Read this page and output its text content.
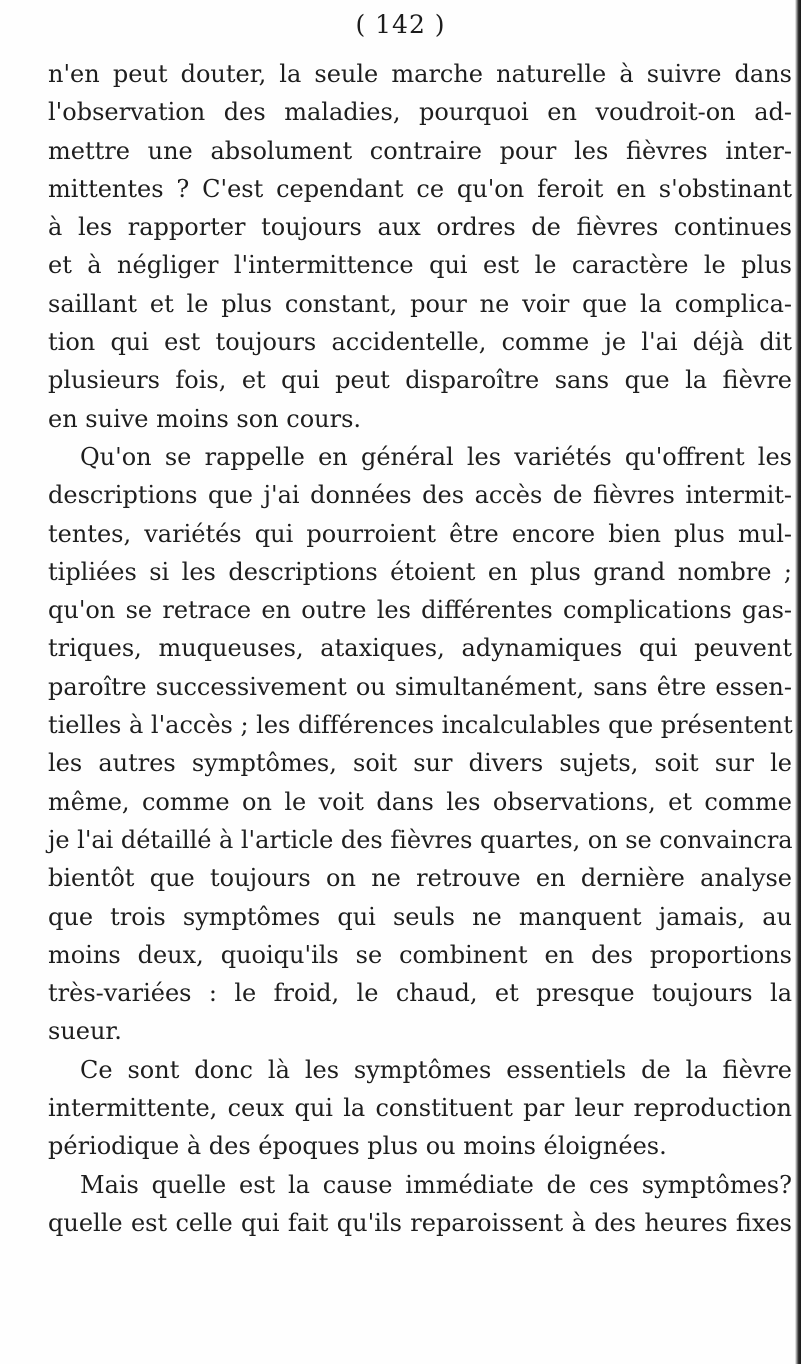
( 142 )
n'en peut douter, la seule marche naturelle à suivre dans
l'observation des maladies, pourquoi en voudroit-on ad-
mettre une absolument contraire pour les fièvres inter-
mittentes ? C'est cependant ce qu'on feroit en s'obstinant
à les rapporter toujours aux ordres de fièvres continues
et à négliger l'intermittence qui est le caractère le plus
saillant et le plus constant, pour ne voir que la complica-
tion qui est toujours accidentelle, comme je l'ai déjà dit
plusieurs fois, et qui peut disparoître sans que la fièvre
en suive moins son cours.
Qu'on se rappelle en général les variétés qu'offrent les
descriptions que j'ai données des accès de fièvres intermit-
tentes, variétés qui pourroient être encore bien plus mul-
tipliées si les descriptions étoient en plus grand nombre ;
qu'on se retrace en outre les différentes complications gas-
triques, muqueuses, ataxiques, adynamiques qui peuvent
paroître successivement ou simultanément, sans être essen-
tielles à l'accès ; les différences incalculables que présentent
les autres symptômes, soit sur divers sujets, soit sur le
même, comme on le voit dans les observations, et comme
je l'ai détaillé à l'article des fièvres quartes, on se convaincra
bientôt que toujours on ne retrouve en dernière analyse
que trois symptômes qui seuls ne manquent jamais, au
moins deux, quoiqu'ils se combinent en des proportions
très-variées : le froid, le chaud, et presque toujours la
sueur.
Ce sont donc là les symptômes essentiels de la fièvre
intermittente, ceux qui la constituent par leur reproduction
périodique à des époques plus ou moins éloignées.
Mais quelle est la cause immédiate de ces symptômes?
quelle est celle qui fait qu'ils reparoissent à des heures fixes
